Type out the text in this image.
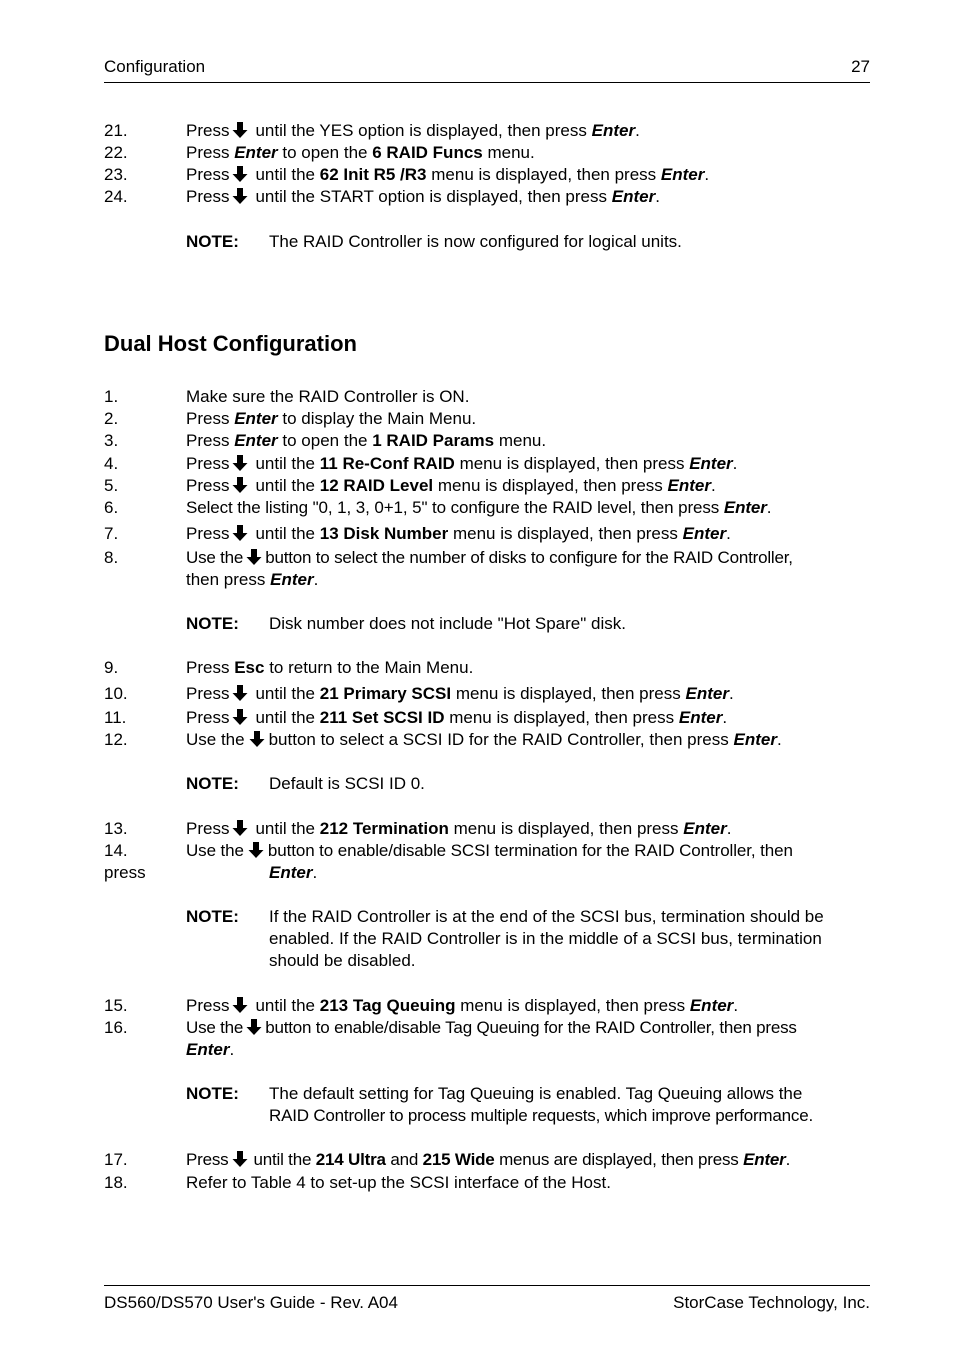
Configuration	27
21.	Press until the YES option is displayed, then press Enter.
22.	Press Enter to open the 6 RAID Funcs menu.
23.	Press until the 62 Init R5 /R3 menu is displayed, then press Enter.
24.	Press until the START option is displayed, then press Enter.
NOTE: The RAID Controller is now configured for logical units.
Dual Host Configuration
1.	Make sure the RAID Controller is ON.
2.	Press Enter to display the Main Menu.
3.	Press Enter to open the 1 RAID Params menu.
4.	Press until the 11 Re-Conf RAID menu is displayed, then press Enter.
5.	Press until the 12 RAID Level menu is displayed, then press Enter.
6.	Select the listing "0, 1, 3, 0+1, 5" to configure the RAID level, then press Enter.
7.	Press until the 13 Disk Number menu is displayed, then press Enter.
8.	Use the button to select the number of disks to configure for the RAID Controller,
then press Enter.
NOTE: Disk number does not include "Hot Spare" disk.
9.	Press Esc to return to the Main Menu.
10.	Press until the 21 Primary SCSI menu is displayed, then press Enter.
11.	Press until the 211 Set SCSI ID menu is displayed, then press Enter.
12.	Use the button to select a SCSI ID for the RAID Controller, then press Enter.
NOTE: Default is SCSI ID 0.
13.	Press until the 212 Termination menu is displayed, then press Enter.
14.	Use the button to enable/disable SCSI termination for the RAID Controller, then
press	Enter.
NOTE: If the RAID Controller is at the end of the SCSI bus, termination should be
enabled. If the RAID Controller is in the middle of a SCSI bus, termination
should be disabled.
15.	Press until the 213 Tag Queuing menu is displayed, then press Enter.
16.	Use the button to enable/disable Tag Queuing for the RAID Controller, then press
Enter.
NOTE: The default setting for Tag Queuing is enabled. Tag Queuing allows the
RAID Controller to process multiple requests, which improve performance.
17.	Press until the 214 Ultra and 215 Wide menus are displayed, then press Enter.
18.	Refer to Table 4 to set-up the SCSI interface of the Host.
DS560/DS570 User's Guide - Rev. A04	StorCase Technology, Inc.
